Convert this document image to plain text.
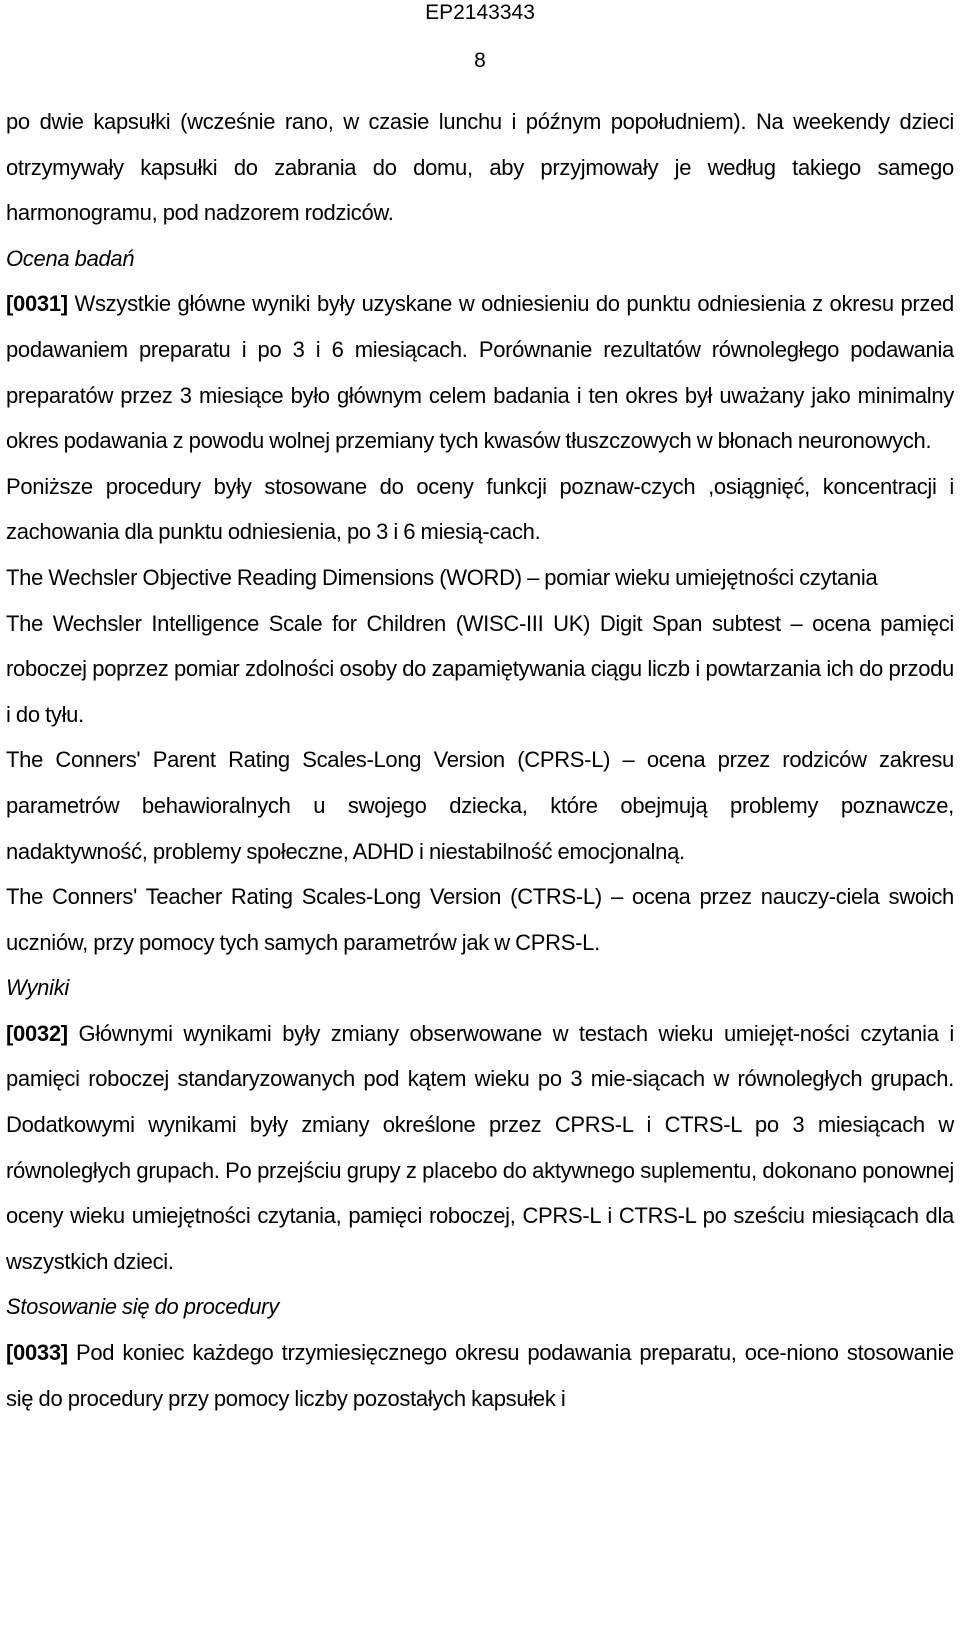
EP2143343
8

po dwie kapsułki (wcześnie rano, w czasie lunchu i późnym popołudniem). Na weekendy dzieci otrzymywały kapsułki do zabrania do domu, aby przyjmowały je według takiego samego harmonogramu, pod nadzorem rodziców.

Ocena badań

[0031] Wszystkie główne wyniki były uzyskane w odniesieniu do punktu odniesienia z okresu przed podawaniem preparatu i po 3 i 6 miesiącach. Porównanie rezultatów równoległego podawania preparatów przez 3 miesiące było głównym celem badania i ten okres był uważany jako minimalny okres podawania z powodu wolnej przemiany tych kwasów tłuszczowych w błonach neuronowych.

Poniższe procedury były stosowane do oceny funkcji poznaw-czych ,osiągnięć, koncentracji i zachowania dla punktu odniesienia, po 3 i 6 miesią-cach.

The Wechsler Objective Reading Dimensions (WORD) – pomiar wieku umiejętności czytania

The Wechsler Intelligence Scale for Children (WISC-III UK) Digit Span subtest – ocena pamięci roboczej poprzez pomiar zdolności osoby do zapamiętywania ciągu liczb i powtarzania ich do przodu i do tyłu.

The Conners' Parent Rating Scales-Long Version (CPRS-L) – ocena przez rodziców zakresu parametrów behawioralnych u swojego dziecka, które obejmują problemy poznawcze, nadaktywność, problemy społeczne, ADHD i niestabilność emocjonalną.

The Conners' Teacher Rating Scales-Long Version (CTRS-L) – ocena przez nauczy-ciela swoich uczniów, przy pomocy tych samych parametrów jak w CPRS-L.

Wyniki

[0032] Głównymi wynikami były zmiany obserwowane w testach wieku umiejęt-ności czytania i pamięci roboczej standaryzowanych pod kątem wieku po 3 mie-siącach w równoległych grupach. Dodatkowymi wynikami były zmiany określone przez CPRS-L i CTRS-L po 3 miesiącach w równoległych grupach. Po przejściu grupy z placebo do aktywnego suplementu, dokonano ponownej oceny wieku umiejętności czytania, pamięci roboczej, CPRS-L i CTRS-L po sześciu miesiącach dla wszystkich dzieci.

Stosowanie się do procedury

[0033] Pod koniec każdego trzymiesięcznego okresu podawania preparatu, oce-niono stosowanie się do procedury przy pomocy liczby pozostałych kapsułek i
